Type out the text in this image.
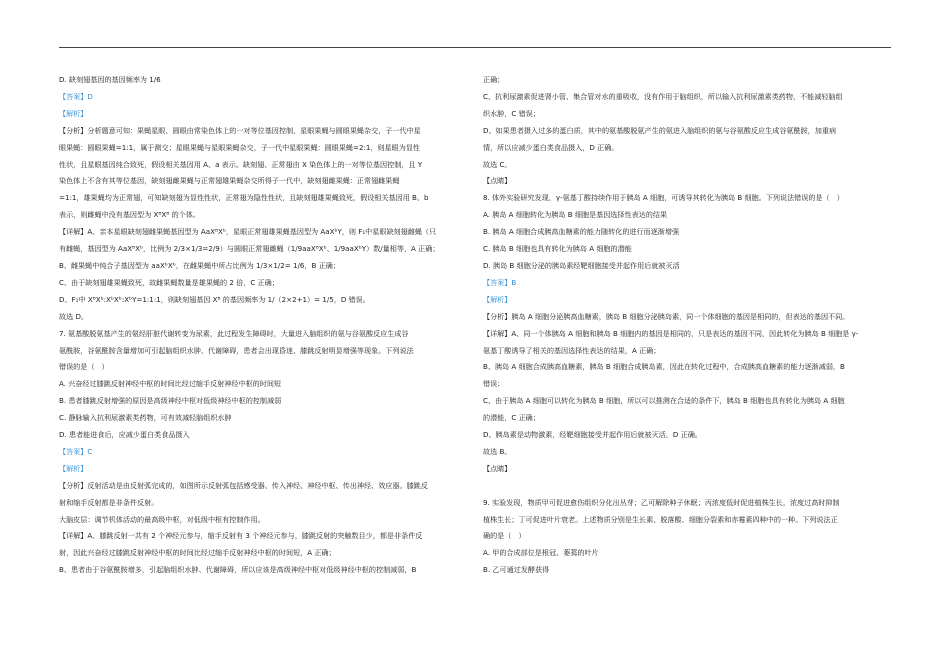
D. 缺刻翅基因的基因频率为 1/6
【答案】D
【解析】
【分析】分析题意可知：果蝇星眼、圆眼由常染色体上的一对等位基因控制，星眼果蝇与圆眼果蝇杂交，子一代中星
眼果蝇：圆眼果蝇=1:1，属于测交；星眼果蝇与星眼果蝇杂交，子一代中星眼果蝇：圆眼果蝇=2:1，则星眼为显性
性状，且星眼基因纯合致死，假设相关基因用 A、a 表示。缺刻翅、正常翅由 X 染色体上的一对等位基因控制，且 Y
染色体上不含有其等位基因，缺刻翅雌果蝇与正常翅雄果蝇杂交所得子一代中，缺刻翅雌果蝇：正常翅雌果蝇
=1:1，雄果蝇均为正常翅，可知缺刻翅为显性性状，正常翅为隐性性状，且缺刻翅雄果蝇致死，假设相关基因用 B、b
表示，则雌蝇中没有基因型为 XᴮXᴮ 的个体。
【详解】A、亲本星眼缺刻翅雌果蝇基因型为 AaXᴮXᵇ，星眼正常翅雄果蝇基因型为 AaXᵇY，则 F₁中星眼缺刻翅雌蝇（只
有雌蝇，基因型为 AaXᴮXᵇ，比例为 2/3×1/3=2/9）与圆眼正常翅雌蝇（1/9aaXᴮXᵇ、1/9aaXᵇY）数/量相等，A 正确；
B、雌果蝇中纯合子基因型为 aaXᵇXᵇ，在雌果蝇中所占比例为 1/3×1/2= 1/6，B 正确；
C、由于缺刻翅雄果蝇致死，故雌果蝇数量是雄果蝇的 2 倍，C 正确；
D、F₁中 XᴮXᵇ:XᵇXᵇ:XᵇY=1:1:1，则缺刻翅基因 Xᴮ 的基因频率为 1/（2×2+1）= 1/5，D 错误。
故选 D。
7. 氨基酸脱氨基产生的氨经肝脏代谢转变为尿素，此过程发生障碍时，大量进入脑组织的氨与谷氨酸反应生成谷
氨酰胺，谷氨酰胺含量增加可引起脑组织水肿、代谢障碍，患者会出现昏迷、膝跳反射明显增强等现象。下列说法
错误的是（　）
A. 兴奋经过膝跳反射神经中枢的时间比经过缩手反射神经中枢的时间短
B. 患者膝跳反射增强的原因是高级神经中枢对低级神经中枢的控制减弱
C. 静脉输入抗利尿激素类药物，可有效减轻脑组织水肿
D. 患者能进食后，应减少蛋白类食品摄入
【答案】C
【解析】
【分析】反射活动是由反射弧完成的，如图所示反射弧包括感受器、传入神经、神经中枢、传出神经、效应器。膝跳反
射和缩手反射都是非条件反射。
大脑皮层：调节机体活动的最高级中枢，对低级中枢有控制作用。
【详解】A、膝跳反射一共有 2 个神经元参与，缩手反射有 3 个神经元参与，膝跳反射的突触数目少，都是非条件反
射，因此兴奋经过膝跳反射神经中枢的时间比经过缩手反射神经中枢的时间短，A 正确；
B、患者由于谷氨酰胺增多，引起脑组织水肿、代谢障碍，所以应该是高级神经中枢对低级神经中枢的控制减弱，B
正确；
C、抗利尿激素促进肾小管、集合管对水的重吸收，没有作用于脑组织，所以输入抗利尿激素类药物，不能减轻脑组
织水肿，C 错误；
D、如果患者摄入过多的蛋白质，其中的氨基酸脱氨产生的氨进入脑组织的氨与谷氨酸反应生成谷氨酰胺，加重病
情，所以应减少蛋白类食品摄入，D 正确。
故选 C。
【点睛】
8. 体外实验研究发现，γ-氨基丁酸持续作用于胰岛 A 细胞，可诱导其转化为胰岛 B 细胞。下列说法错误的是（　）
A. 胰岛 A 细胞转化为胰岛 B 细胞是基因选择性表达的结果
B. 胰岛 A 细胞合成胰高血糖素的能力随转化的进行而逐渐增强
C. 胰岛 B 细胞也具有转化为胰岛 A 细胞的潜能
D. 胰岛 B 细胞分泌的胰岛素经靶细胞接受并起作用后就被灭活
【答案】B
【解析】
【分析】胰岛 A 细胞分泌胰高血糖素，胰岛 B 细胞分泌胰岛素，同一个体细胞的基因是相同的，但表达的基因不同。
【详解】A、同一个体胰岛 A 细胞和胰岛 B 细胞内的基因是相同的，只是表达的基因不同，因此转化为胰岛 B 细胞是 γ-
氨基丁酸诱导了相关的基因选择性表达的结果，A 正确；
B、胰岛 A 细胞合成胰高血糖素，胰岛 B 细胞合成胰岛素，因此在转化过程中，合成胰高血糖素的能力逐渐减弱，B
错误；
C、由于胰岛 A 细胞可以转化为胰岛 B 细胞，所以可以推测在合适的条件下，胰岛 B 细胞也具有转化为胰岛 A 细胞
的潜能，C 正确；
D、胰岛素是动物激素，经靶细胞接受并起作用后就被灭活，D 正确。
故选 B。
【点睛】
9. 实验发现，物质甲可促进愈伤组织分化出丛芽；乙可解除种子休眠；丙浓度低时促进植株生长，浓度过高时抑制
植株生长；丁可促进叶片衰老。上述物质分别是生长素、脱落酸、细胞分裂素和赤霉素四种中的一种。下列说法正
确的是（　）
A. 甲的合成部位是根冠、萎蔫的叶片
B. 乙可通过发酵获得
